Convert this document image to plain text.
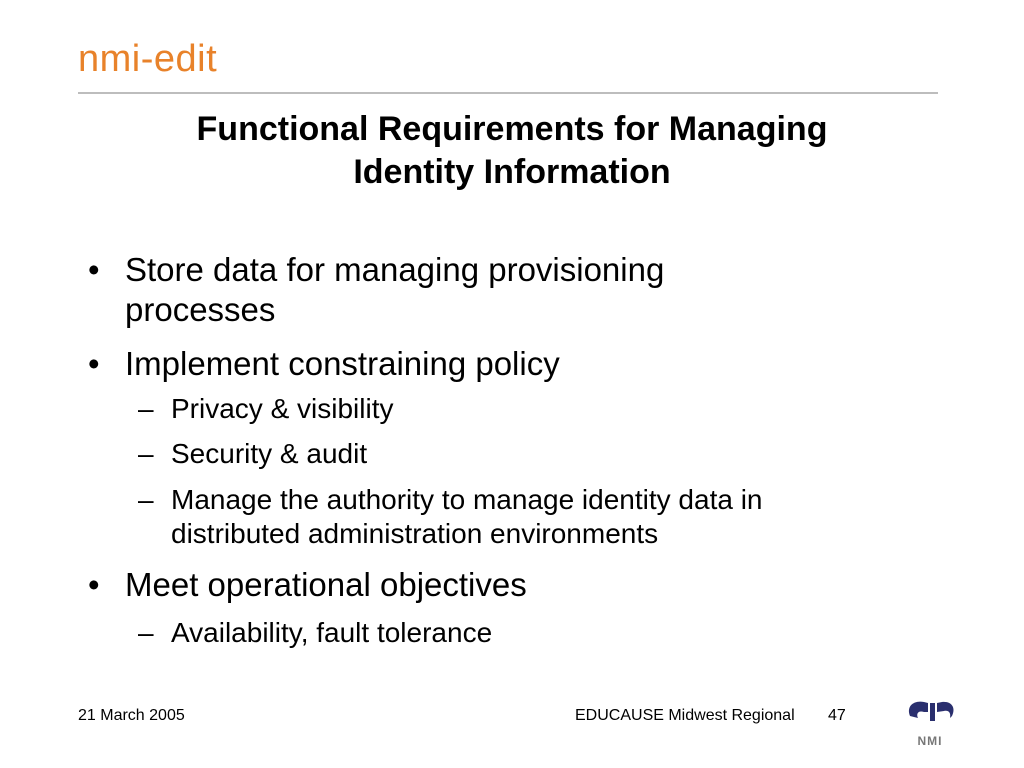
nmi-edit
Functional Requirements for Managing
Identity Information
• Store data for managing provisioning
processes
• Implement constraining policy
– Privacy & visibility
– Security & audit
– Manage the authority to manage identity data in
distributed administration environments
• Meet operational objectives
– Availability, fault tolerance
21 March 2005	EDUCAUSE Midwest Regional 47
NMI
